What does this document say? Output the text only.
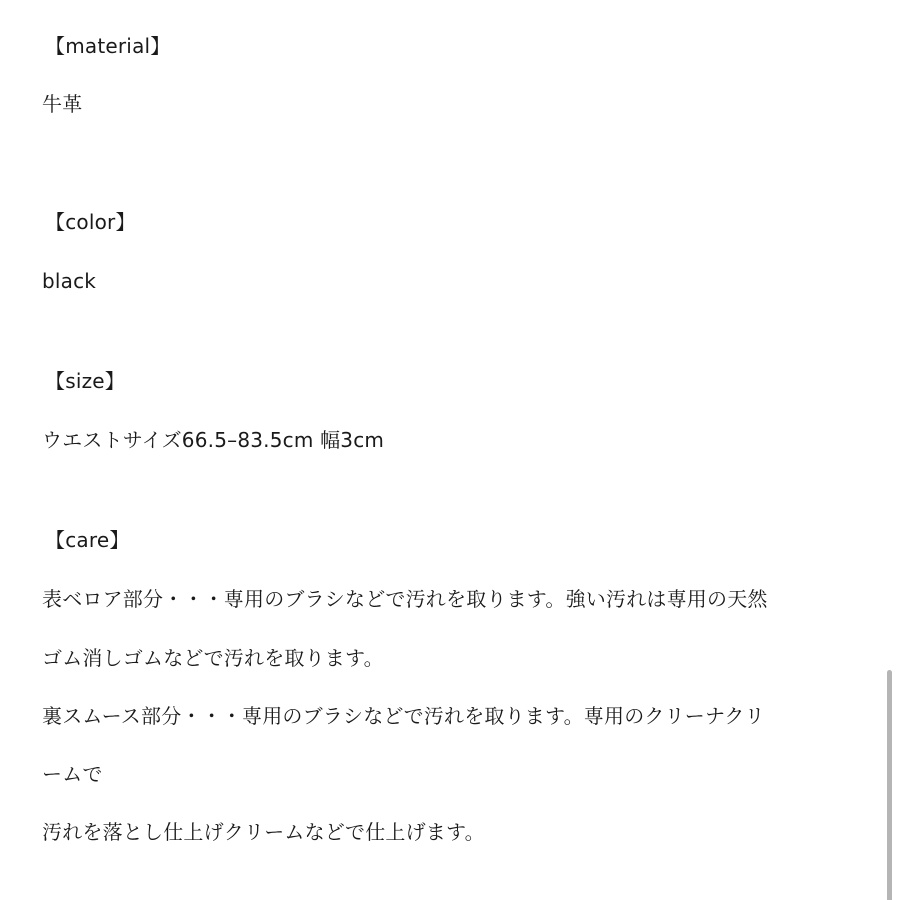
【material】
牛革
【color】
black
【size】
ウエストサイズ66.5–83.5cm 幅3cm
【care】
表ベロア部分・・・専用のブラシなどで汚れを取ります。強い汚れは専用の天然
ゴム消しゴムなどで汚れを取ります。
裏スムース部分・・・専用のブラシなどで汚れを取ります。専用のクリーナクリ
ームで
汚れを落とし仕上げクリームなどで仕上げます。
